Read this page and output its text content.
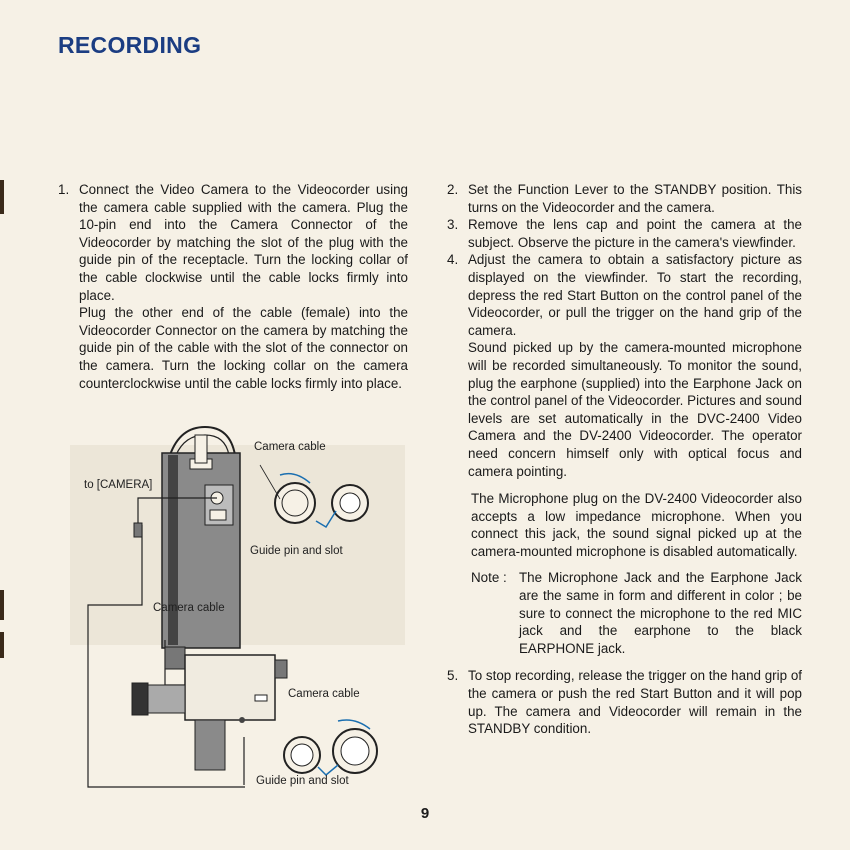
RECORDING
1. Connect the Video Camera to the Videocorder using the camera cable supplied with the camera. Plug the 10-pin end into the Camera Connector of the Videocorder by matching the slot of the plug with the guide pin of the receptacle. Turn the locking collar of the cable clockwise until the cable locks firmly into place.

Plug the other end of the cable (female) into the Videocorder Connector on the camera by matching the guide pin of the cable with the slot of the connector on the camera. Turn the locking collar on the camera counterclockwise until the cable locks firmly into place.

Camera cable
to [CAMERA]
Guide pin and slot
Camera cable
Camera cable
Guide pin and slot
2. Set the Function Lever to the STANDBY position. This turns on the Videocorder and the camera.

3. Remove the lens cap and point the camera at the subject. Observe the picture in the camera's viewfinder.

4. Adjust the camera to obtain a satisfactory picture as displayed on the viewfinder. To start the recording, depress the red Start Button on the control panel of the Videocorder, or pull the trigger on the hand grip of the camera.

Sound picked up by the camera-mounted microphone will be recorded simultaneously. To monitor the sound, plug the earphone (supplied) into the Earphone Jack on the control panel of the Videocorder. Pictures and sound levels are set automatically in the DVC-2400 Video Camera and the DV-2400 Videocorder. The operator need concern himself only with optical focus and camera pointing.

The Microphone plug on the DV-2400 Videocorder also accepts a low impedance microphone. When you connect this jack, the sound signal picked up at the camera-mounted microphone is disabled automatically.

Note : The Microphone Jack and the Earphone Jack are the same in form and different in color ; be sure to connect the microphone to the red MIC jack and the earphone to the black EARPHONE jack.
5. To stop recording, release the trigger on the hand grip of the camera or push the red Start Button and it will pop up. The camera and Videocorder will remain in the STANDBY condition.

9
